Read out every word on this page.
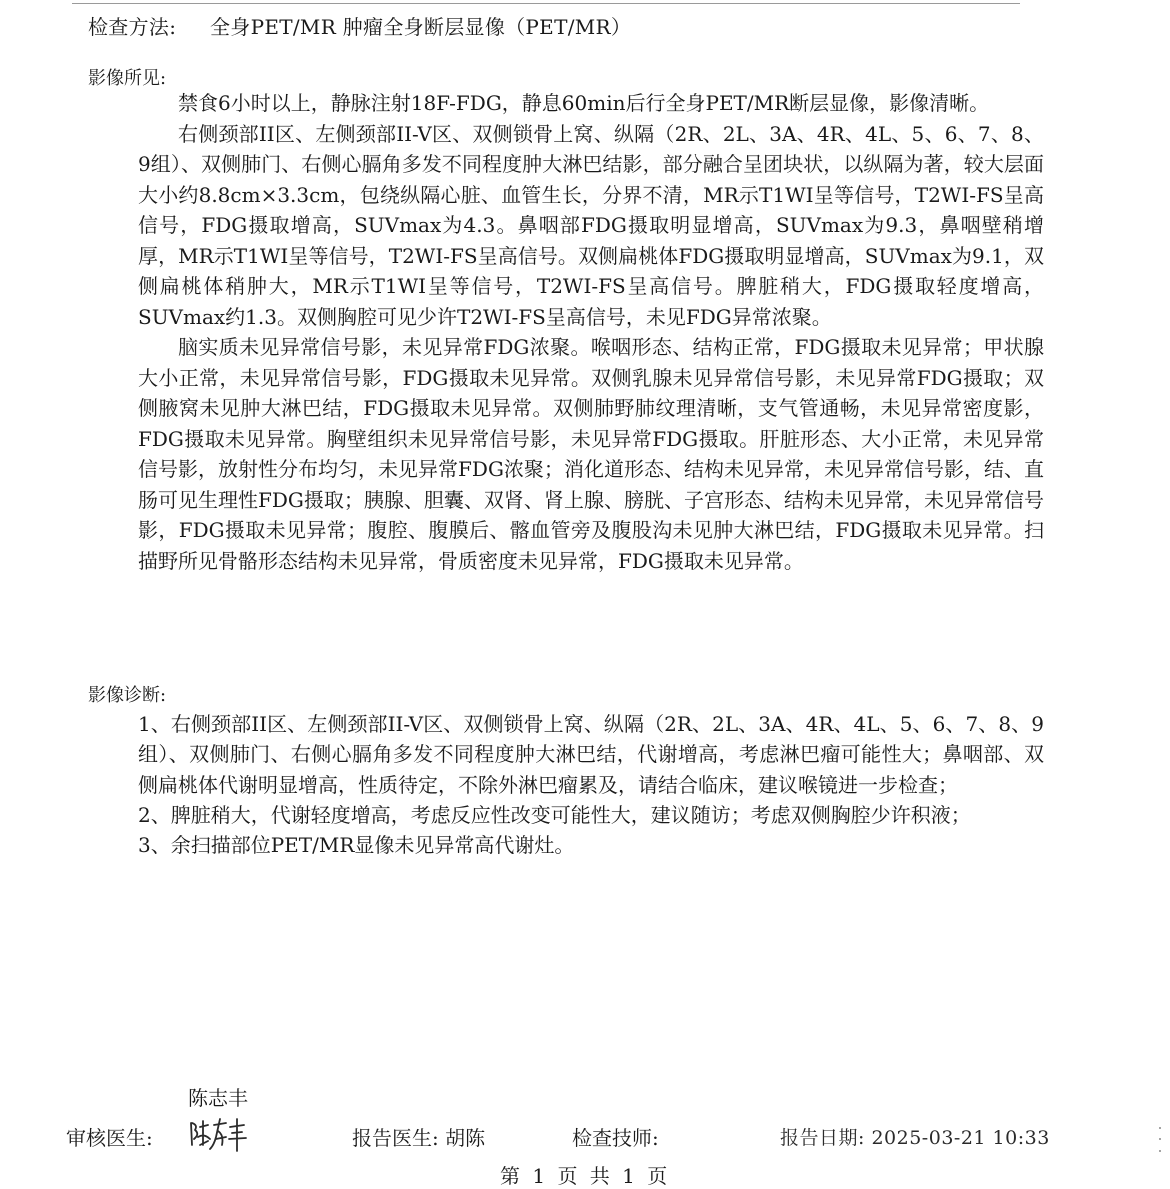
检查方法: 全身PET/MR 肿瘤全身断层显像（PET/MR）
影像所见:

禁食6小时以上，静脉注射18F-FDG，静息60min后行全身PET/MR断层显像，影像清晰。

右侧颈部II区、左侧颈部II-V区、双侧锁骨上窝、纵隔（2R、2L、3A、4R、4L、5、6、7、8、9组）、双侧肺门、右侧心膈角多发不同程度肿大淋巴结影，部分融合呈团块状，以纵隔为著，较大层面大小约8.8cm×3.3cm，包绕纵隔心脏、血管生长，分界不清，MR示T1WI呈等信号，T2WI-FS呈高信号，FDG摄取增高，SUVmax为4.3。鼻咽部FDG摄取明显增高，SUVmax为9.3，鼻咽壁稍增厚，MR示T1WI呈等信号，T2WI-FS呈高信号。双侧扁桃体FDG摄取明显增高，SUVmax为9.1，双侧扁桃体稍肿大，MR示T1WI呈等信号，T2WI-FS呈高信号。脾脏稍大，FDG摄取轻度增高，SUVmax约1.3。双侧胸腔可见少许T2WI-FS呈高信号，未见FDG异常浓聚。

脑实质未见异常信号影，未见异常FDG浓聚。喉咽形态、结构正常，FDG摄取未见异常；甲状腺大小正常，未见异常信号影，FDG摄取未见异常。双侧乳腺未见异常信号影，未见异常FDG摄取；双侧腋窝未见肿大淋巴结，FDG摄取未见异常。双侧肺野肺纹理清晰，支气管通畅，未见异常密度影，FDG摄取未见异常。胸壁组织未见异常信号影，未见异常FDG摄取。肝脏形态、大小正常，未见异常信号影，放射性分布均匀，未见异常FDG浓聚；消化道形态、结构未见异常，未见异常信号影，结、直肠可见生理性FDG摄取；胰腺、胆囊、双肾、肾上腺、膀胱、子宫形态、结构未见异常，未见异常信号影，FDG摄取未见异常；腹腔、腹膜后、髂血管旁及腹股沟未见肿大淋巴结，FDG摄取未见异常。扫描野所见骨骼形态结构未见异常，骨质密度未见异常，FDG摄取未见异常。

影像诊断:

1、右侧颈部II区、左侧颈部II-V区、双侧锁骨上窝、纵隔（2R、2L、3A、4R、4L、5、6、7、8、9组）、双侧肺门、右侧心膈角多发不同程度肿大淋巴结，代谢增高，考虑淋巴瘤可能性大；鼻咽部、双侧扁桃体代谢明显增高，性质待定，不除外淋巴瘤累及，请结合临床，建议喉镜进一步检查；

2、脾脏稍大，代谢轻度增高，考虑反应性改变可能性大，建议随访；考虑双侧胸腔少许积液；

3、余扫描部位PET/MR显像未见异常高代谢灶。

陈志丰
审核医生:	报告医生: 胡陈	检查技师:	报告日期: 2025-03-21 10:33
第 1 页 共 1 页
